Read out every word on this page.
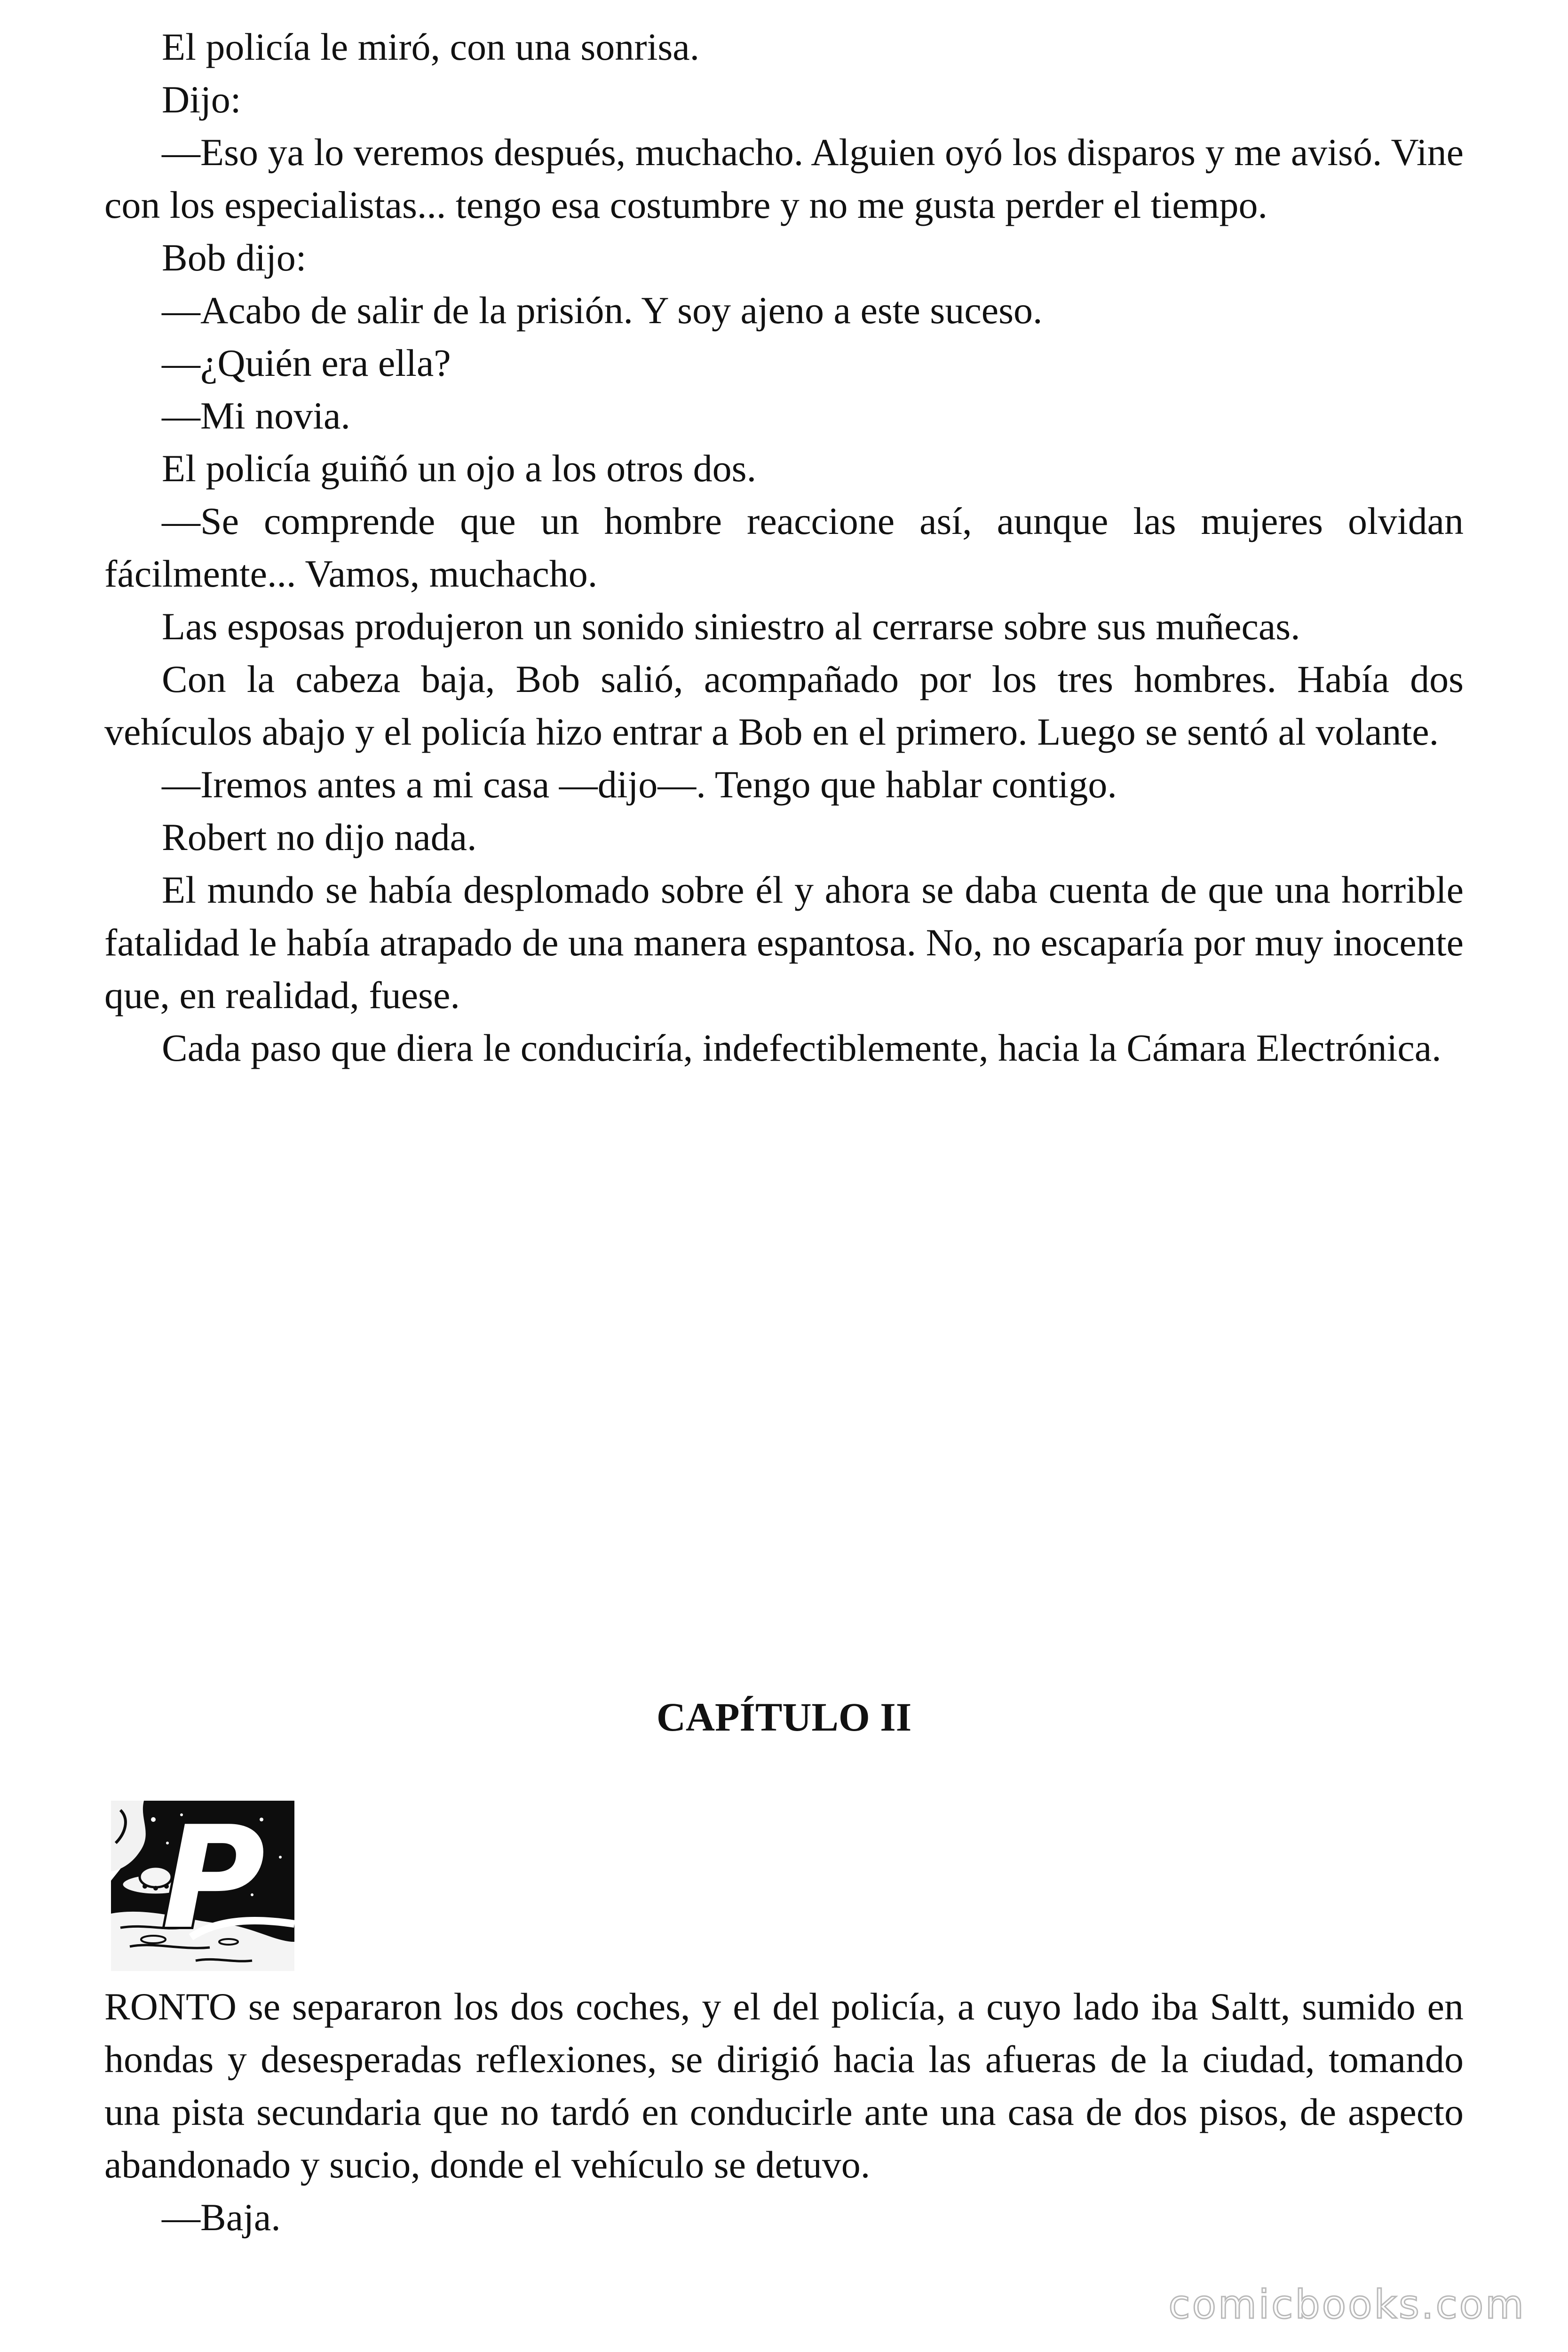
El policía le miró, con una sonrisa.

Dijo:

—Eso ya lo veremos después, muchacho. Alguien oyó los disparos y me avisó. Vine con los especialistas... tengo esa costumbre y no me gusta perder el tiempo.

Bob dijo:

—Acabo de salir de la prisión. Y soy ajeno a este suceso.

—¿Quién era ella?

—Mi novia.

El policía guiñó un ojo a los otros dos.

—Se comprende que un hombre reaccione así, aunque las mujeres olvidan fácilmente... Vamos, muchacho.

Las esposas produjeron un sonido siniestro al cerrarse sobre sus muñecas.

Con la cabeza baja, Bob salió, acompañado por los tres hombres. Había dos vehículos abajo y el policía hizo entrar a Bob en el primero. Luego se sentó al volante.

—Iremos antes a mi casa —dijo—. Tengo que hablar contigo.

Robert no dijo nada.

El mundo se había desplomado sobre él y ahora se daba cuenta de que una horrible fatalidad le había atrapado de una manera espantosa. No, no escaparía por muy inocente que, en realidad, fuese.

Cada paso que diera le conduciría, indefectiblemente, hacia la Cámara Electrónica.

CAPÍTULO II
P

RONTO se separaron los dos coches, y el del policía, a cuyo lado iba Saltt, sumido en hondas y desesperadas reflexiones, se dirigió hacia las afueras de la ciudad, tomando una pista secundaria que no tardó en conducirle ante una casa de dos pisos, de aspecto abandonado y sucio, donde el vehículo se detuvo.

—Baja.

comicbooks.com
